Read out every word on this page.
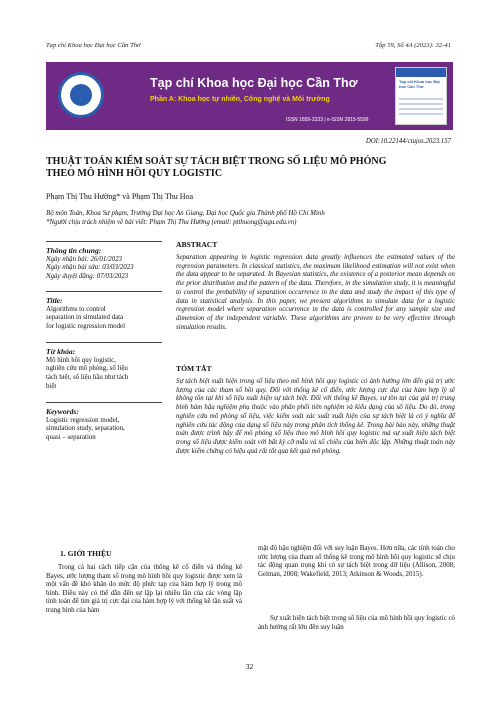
Tạp chí Khoa học Đại học Cần Thơ	Tập 59, Số 4A (2023): 32-41
Tạp chí Khoa học Đại học Cần Thơ
Phần A: Khoa học tự nhiên, Công nghệ và Môi trường
ISSN 1859-2333 | e-ISSN 2815-5599
Tạp chí Khoa học Đại học Cần Thơ
DOI:10.22144/ctujos.2023.157
THUẬT TOÁN KIỂM SOÁT SỰ TÁCH BIỆT TRONG SỐ LIỆU MÔ PHỎNG
THEO MÔ HÌNH HỒI QUY LOGISTIC
Phạm Thị Thu Hường* và Phạm Thị Thu Hoa
Bộ môn Toán, Khoa Sư phạm, Trường Đại học An Giang, Đại học Quốc gia Thành phố Hồ Chí Minh
*Người chịu trách nhiệm về bài viết: Phạm Thị Thu Hường (email: ptthuong@agu.edu.vn)
Thông tin chung:
Ngày nhận bài: 26/01/2023
Ngày nhận bài sửa: 03/03/2023
Ngày duyệt đăng: 07/03/2023
Title:
Algorithms to control
separation in simulated data
for logistic regression model
Từ khóa:
Mô hình hồi quy logistic,
nghiên cứu mô phỏng, số liệu
tách biệt, số liệu hầu như tách
biệt
Keywords:
Logistic regression model,
simulation study, separation,
quasi – separation
ABSTRACT
Separation appearing in logistic regression data greatly influences the estimated values of the regression parameters. In classical statistics, the maximum likelihood estimation will not exist when the data appear to be separated. In Bayesian statistics, the existence of a posterior mean depends on the prior distribution and the pattern of the data. Therefore, in the simulation study, it is meaningful to control the probability of separation occurrence in the data and study the impact of this type of data in statistical analysis. In this paper, we present algorithms to simulate data for a logistic regression model where separation occurrence in the data is controlled for any sample size and dimension of the independent variable. These algorithms are proven to be very effective through simulation results.
TÓM TẮT
Sự tách biệt xuất hiện trong số liệu theo mô hình hồi quy logistic có ảnh hưởng lớn đến giá trị ước lượng của các tham số hồi quy. Đối với thống kê cổ điển, ước lượng cực đại của hàm hợp lý sẽ không tồn tại khi số liệu xuất hiện sự tách biệt. Đối với thống kê Bayes, sự tồn tại của giá trị trung bình hàm hậu nghiệm phụ thuộc vào phân phối tiên nghiệm và kiểu dạng của số liệu. Do đó, trong nghiên cứu mô phỏng số liệu, việc kiểm soát xác suất xuất hiện của sự tách biệt là có ý nghĩa để nghiên cứu tác động của dạng số liệu này trong phân tích thống kê. Trong bài báo này, những thuật toán được trình bày để mô phỏng số liệu theo mô hình hồi quy logistic mà sự xuất hiện tách biệt trong số liệu được kiểm soát với bất kỳ cỡ mẫu và số chiều của biến độc lập. Những thuật toán này được kiểm chứng có hiệu quả rất tốt qua kết quả mô phỏng.
1. GIỚI THIỆU
Trong cả hai cách tiếp cận của thống kê cổ điển và thống kê Bayes, ước lượng tham số trong mô hình hồi quy logistic được xem là một vấn đề khó khăn do mức độ phức tạp của hàm hợp lý trong mô hình. Điều này có thể dẫn đến sự lập lại nhiều lần của các vòng lặp tính toán để tìm giá trị cực đại của hàm hợp lý với thống kê tần suất và trung bình của hàm
mật độ hậu nghiệm đối với suy luận Bayes. Hơn nữa, các tính toán cho ước lượng của tham số thống kê trong mô hình hồi quy logistic sẽ chịu tác động quan trọng khi có sự tách biệt trong dữ liệu (Allison, 2008; Gelman, 2008; Wakefield, 2013; Atkinson & Woods, 2015).
Sự xuất hiện tách biệt trong số liệu của mô hình hồi quy logistic có ảnh hưởng rất lớn đến suy luận
32
